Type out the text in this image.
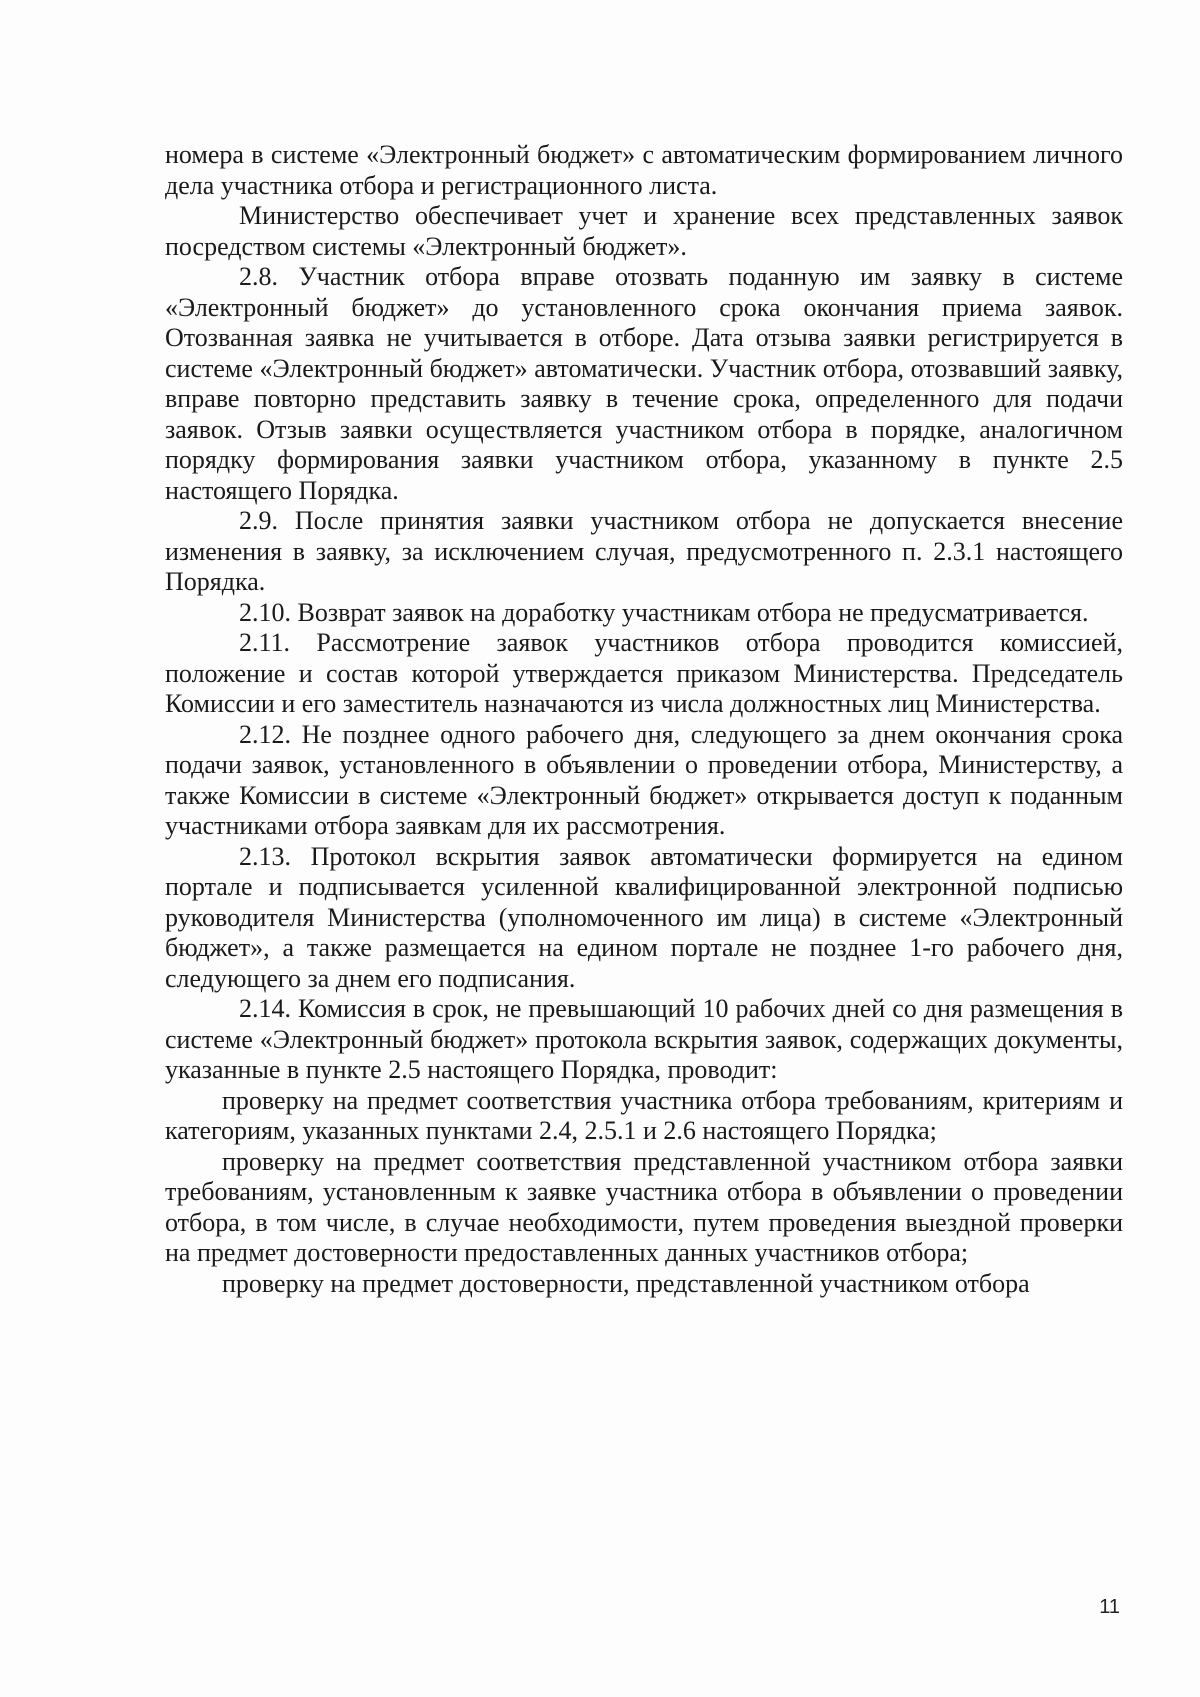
номера в системе «Электронный бюджет» с автоматическим формированием личного дела участника отбора и регистрационного листа.

Министерство обеспечивает учет и хранение всех представленных заявок посредством системы «Электронный бюджет».

2.8. Участник отбора вправе отозвать поданную им заявку в системе «Электронный бюджет» до установленного срока окончания приема заявок. Отозванная заявка не учитывается в отборе. Дата отзыва заявки регистрируется в системе «Электронный бюджет» автоматически. Участник отбора, отозвавший заявку, вправе повторно представить заявку в течение срока, определенного для подачи заявок. Отзыв заявки осуществляется участником отбора в порядке, аналогичном порядку формирования заявки участником отбора, указанному в пункте 2.5 настоящего Порядка.

2.9. После принятия заявки участником отбора не допускается внесение изменения в заявку, за исключением случая, предусмотренного п. 2.3.1 настоящего Порядка.

2.10. Возврат заявок на доработку участникам отбора не предусматривается.

2.11. Рассмотрение заявок участников отбора проводится комиссией, положение и состав которой утверждается приказом Министерства. Председатель Комиссии и его заместитель назначаются из числа должностных лиц Министерства.

2.12. Не позднее одного рабочего дня, следующего за днем окончания срока подачи заявок, установленного в объявлении о проведении отбора, Министерству, а также Комиссии в системе «Электронный бюджет» открывается доступ к поданным участниками отбора заявкам для их рассмотрения.

2.13. Протокол вскрытия заявок автоматически формируется на едином портале и подписывается усиленной квалифицированной электронной подписью руководителя Министерства (уполномоченного им лица) в системе «Электронный бюджет», а также размещается на едином портале не позднее 1-го рабочего дня, следующего за днем его подписания.

2.14. Комиссия в срок, не превышающий 10 рабочих дней со дня размещения в системе «Электронный бюджет» протокола вскрытия заявок, содержащих документы, указанные в пункте 2.5 настоящего Порядка, проводит:

проверку на предмет соответствия участника отбора требованиям, критериям и категориям, указанных пунктами 2.4, 2.5.1 и 2.6 настоящего Порядка;

проверку на предмет соответствия представленной участником отбора заявки требованиям, установленным к заявке участника отбора в объявлении о проведении отбора, в том числе, в случае необходимости, путем проведения выездной проверки на предмет достоверности предоставленных данных участников отбора;

проверку на предмет достоверности, представленной участником отбора

11
